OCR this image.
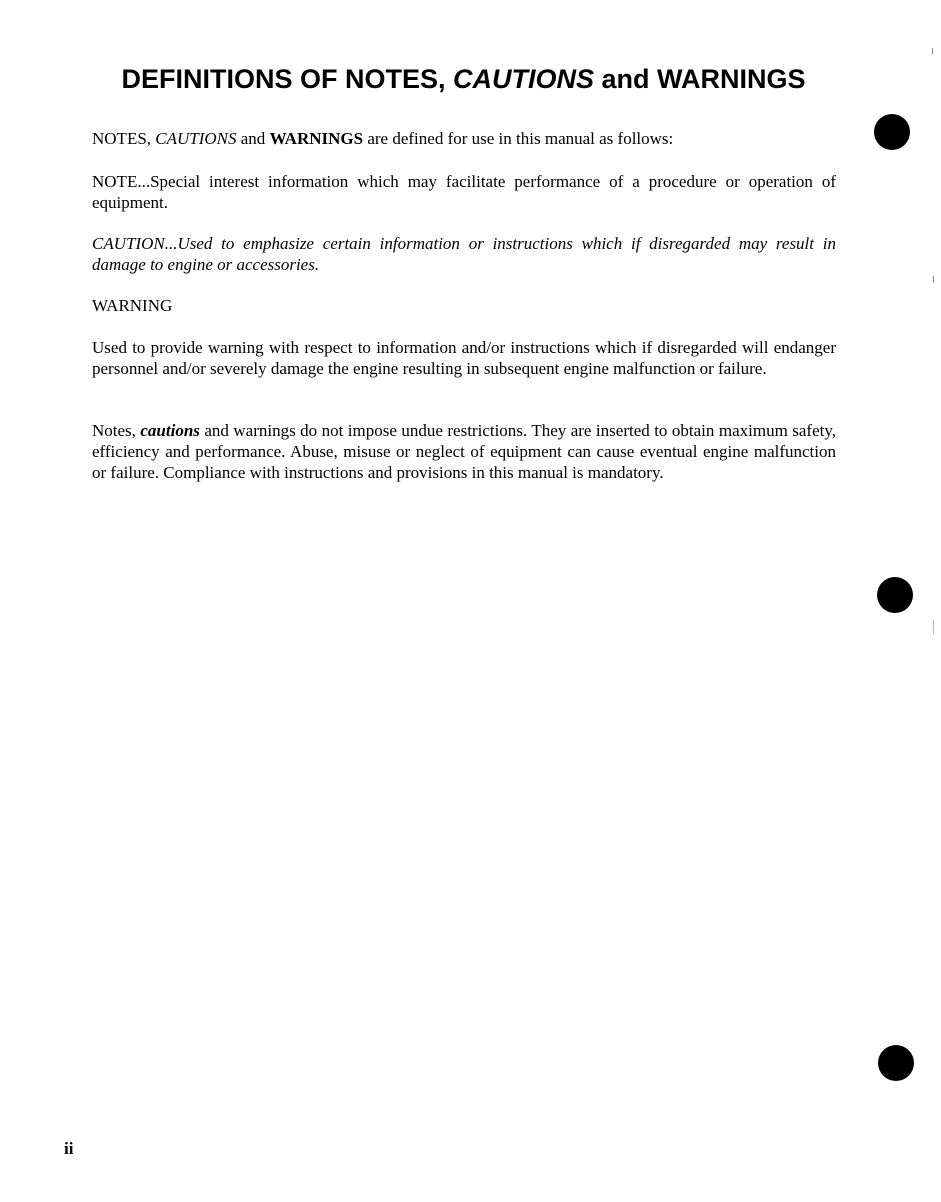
DEFINITIONS OF NOTES, CAUTIONS and WARNINGS

NOTES, CAUTIONS and WARNINGS are defined for use in this manual as follows:

NOTE...Special interest information which may facilitate performance of a procedure or operation of equipment.

CAUTION...Used to emphasize certain information or instructions which if disregarded may result in damage to engine or accessories.

WARNING

Used to provide warning with respect to information and/or instructions which if disregarded will endanger personnel and/or severely damage the engine resulting in subsequent engine malfunction or failure.

Notes, cautions and warnings do not impose undue restrictions. They are inserted to obtain maximum safety, efficiency and performance. Abuse, misuse or neglect of equipment can cause eventual engine malfunction or failure. Compliance with instructions and provisions in this manual is mandatory.

ii
